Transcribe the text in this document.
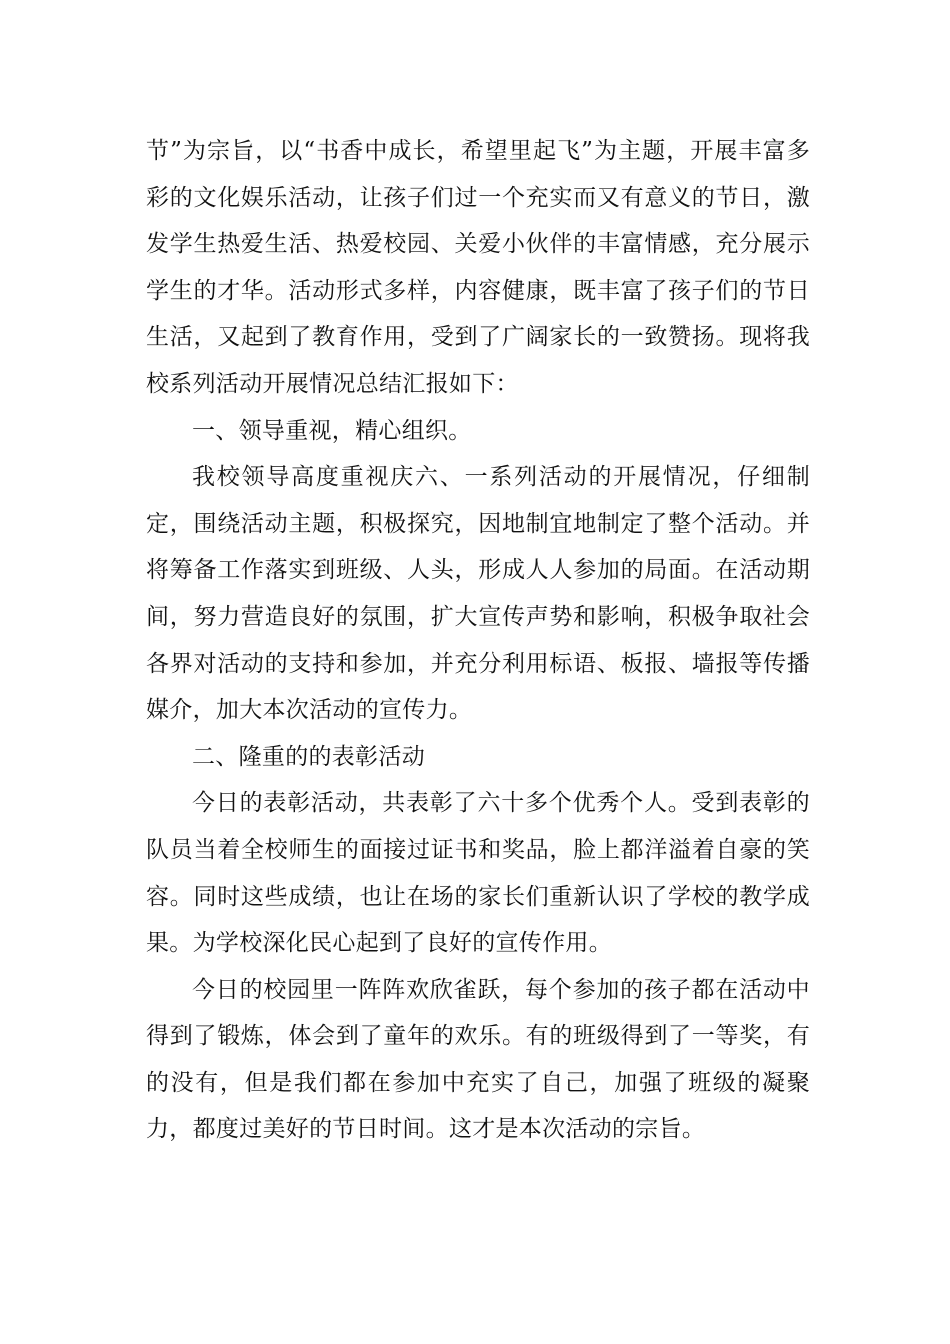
节”为宗旨，以“书香中成长，希望里起飞”为主题，开展丰富多彩的文化娱乐活动，让孩子们过一个充实而又有意义的节日，激发学生热爱生活、热爱校园、关爱小伙伴的丰富情感，充分展示学生的才华。活动形式多样，内容健康，既丰富了孩子们的节日生活，又起到了教育作用，受到了广阔家长的一致赞扬。现将我校系列活动开展情况总结汇报如下：

一、领导重视，精心组织。

我校领导高度重视庆六、一系列活动的开展情况，仔细制定，围绕活动主题，积极探究，因地制宜地制定了整个活动。并将筹备工作落实到班级、人头，形成人人参加的局面。在活动期间，努力营造良好的氛围，扩大宣传声势和影响，积极争取社会各界对活动的支持和参加，并充分利用标语、板报、墙报等传播媒介，加大本次活动的宣传力。

二、隆重的的表彰活动

今日的表彰活动，共表彰了六十多个优秀个人。受到表彰的队员当着全校师生的面接过证书和奖品，脸上都洋溢着自豪的笑容。同时这些成绩，也让在场的家长们重新认识了学校的教学成果。为学校深化民心起到了良好的宣传作用。

今日的校园里一阵阵欢欣雀跃，每个参加的孩子都在活动中得到了锻炼，体会到了童年的欢乐。有的班级得到了一等奖，有的没有，但是我们都在参加中充实了自己，加强了班级的凝聚力，都度过美好的节日时间。这才是本次活动的宗旨。
